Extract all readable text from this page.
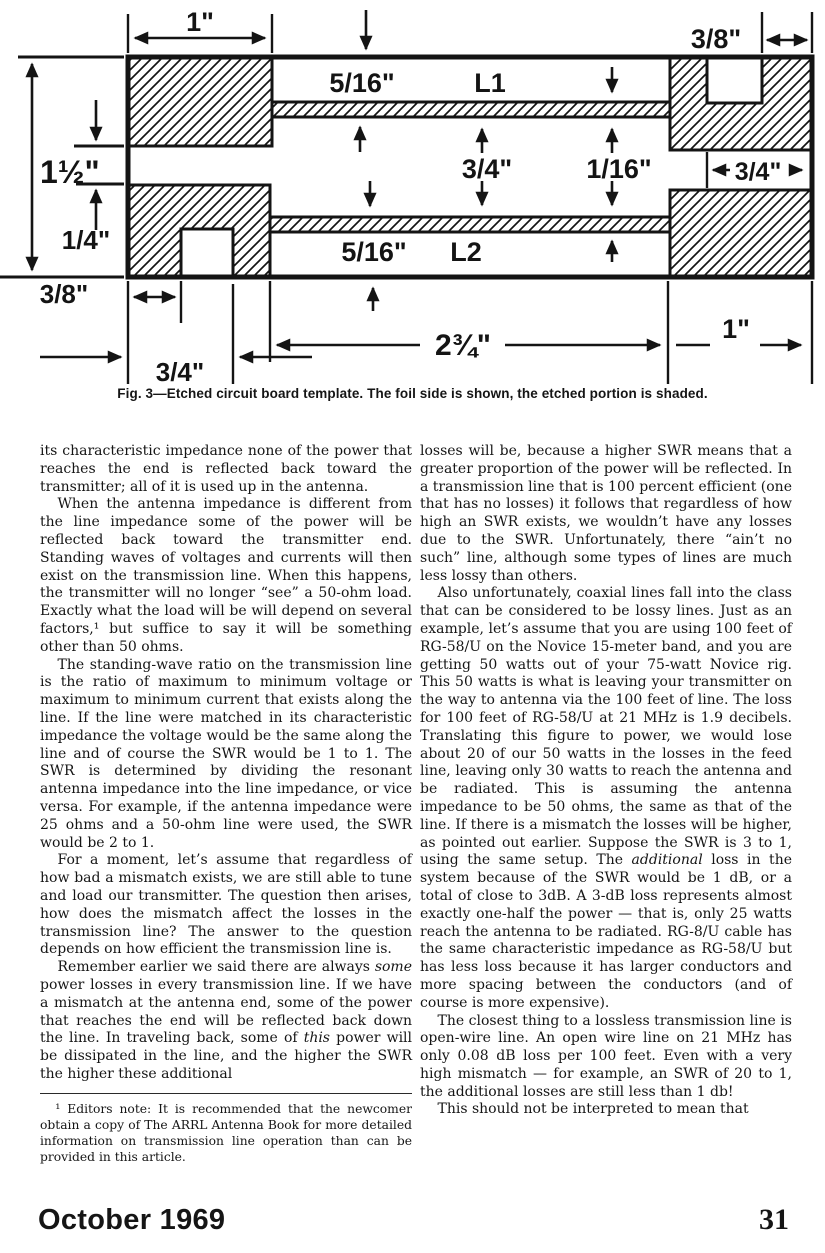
1"
3/8"
5/16"	L1
3/4"	1/16"	3/4"
1½"
1/4"	5/16" L2
3/8"
3/4"
2¾"	1"
Fig. 3—Etched circuit board template. The foil side is shown, the etched portion is shaded.

its characteristic impedance none of the power that reaches the end is reflected back toward the transmitter; all of it is used up in the antenna.

When the antenna impedance is different from the line impedance some of the power will be reflected back toward the transmitter end. Standing waves of voltages and currents will then exist on the transmission line. When this happens, the transmitter will no longer “see” a 50-ohm load. Exactly what the load will be will depend on several factors,¹ but suffice to say it will be something other than 50 ohms.

The standing-wave ratio on the transmission line is the ratio of maximum to minimum voltage or maximum to minimum current that exists along the line. If the line were matched in its characteristic impedance the voltage would be the same along the line and of course the SWR would be 1 to 1. The SWR is determined by dividing the resonant antenna impedance into the line impedance, or vice versa. For example, if the antenna impedance were 25 ohms and a 50-ohm line were used, the SWR would be 2 to 1.

For a moment, let’s assume that regardless of how bad a mismatch exists, we are still able to tune and load our transmitter. The question then arises, how does the mismatch affect the losses in the transmission line? The answer to the question depends on how efficient the transmission line is.

Remember earlier we said there are always some power losses in every transmission line. If we have a mismatch at the antenna end, some of the power that reaches the end will be reflected back down the line. In traveling back, some of this power will be dissipated in the line, and the higher the SWR the higher these additional

¹ Editors note: It is recommended that the newcomer obtain a copy of The ARRL Antenna Book for more detailed information on transmission line operation than can be provided in this article.

losses will be, because a higher SWR means that a greater proportion of the power will be reflected. In a transmission line that is 100 percent efficient (one that has no losses) it follows that regardless of how high an SWR exists, we wouldn’t have any losses due to the SWR. Unfortunately, there “ain’t no such” line, although some types of lines are much less lossy than others.

Also unfortunately, coaxial lines fall into the class that can be considered to be lossy lines. Just as an example, let’s assume that you are using 100 feet of RG-58/U on the Novice 15-meter band, and you are getting 50 watts out of your 75-watt Novice rig. This 50 watts is what is leaving your transmitter on the way to antenna via the 100 feet of line. The loss for 100 feet of RG-58/U at 21 MHz is 1.9 decibels. Translating this figure to power, we would lose about 20 of our 50 watts in the losses in the feed line, leaving only 30 watts to reach the antenna and be radiated. This is assuming the antenna impedance to be 50 ohms, the same as that of the line. If there is a mismatch the losses will be higher, as pointed out earlier. Suppose the SWR is 3 to 1, using the same setup. The additional loss in the system because of the SWR would be 1 dB, or a total of close to 3dB. A 3-dB loss represents almost exactly one-half the power — that is, only 25 watts reach the antenna to be radiated. RG-8/U cable has the same characteristic impedance as RG-58/U but has less loss because it has larger conductors and more spacing between the conductors (and of course is more expensive).

The closest thing to a lossless transmission line is open-wire line. An open wire line on 21 MHz has only 0.08 dB loss per 100 feet. Even with a very high mismatch — for example, an SWR of 20 to 1, the additional losses are still less than 1 db!

This should not be interpreted to mean that

October 1969	31
